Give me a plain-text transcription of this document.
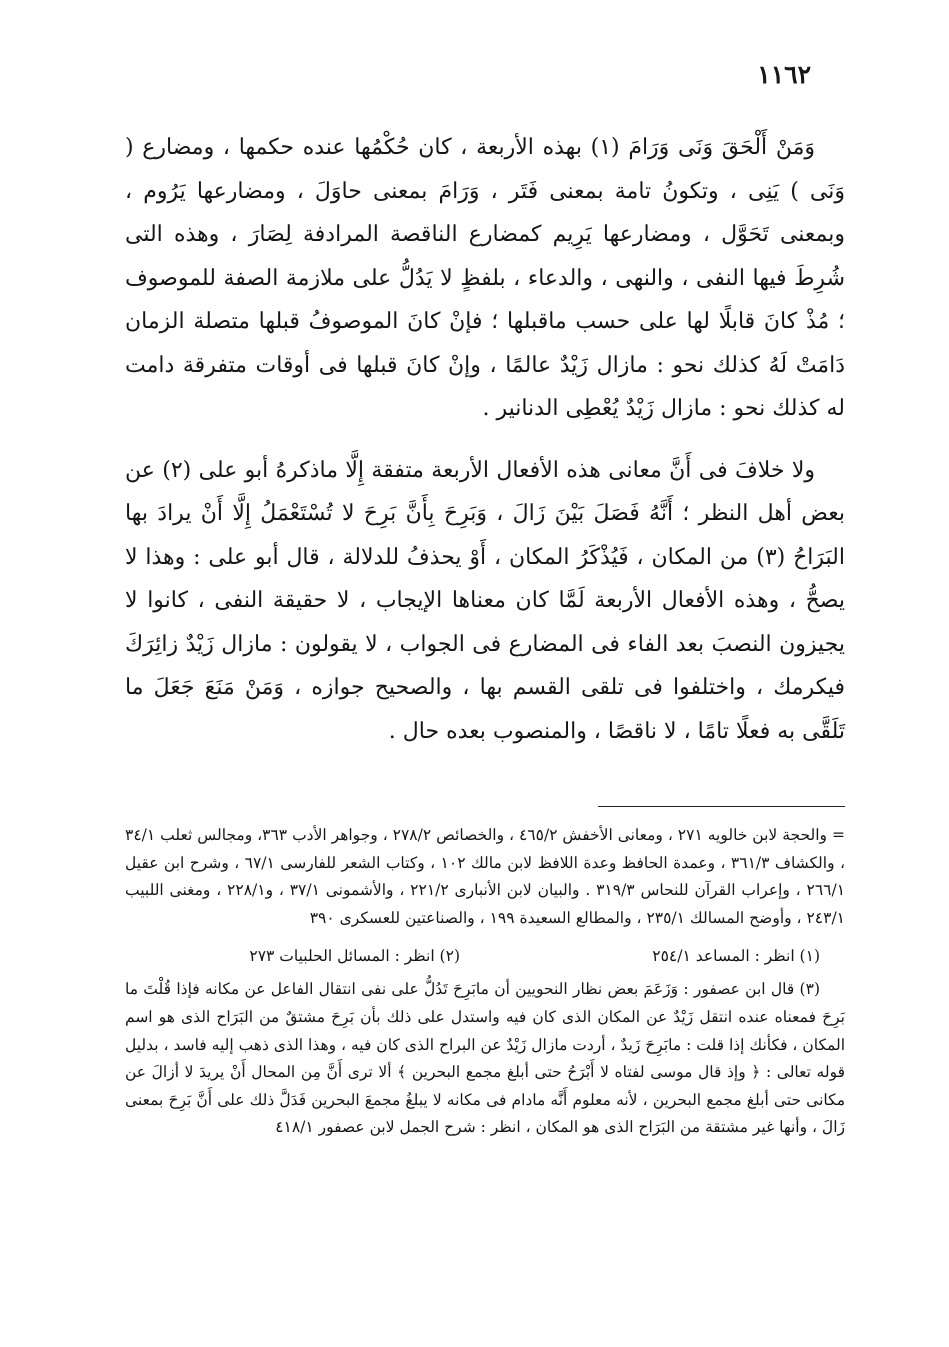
١١٦٢

وَمَنْ أَلْحَقَ وَنَى وَرَامَ (١) بهذه الأربعة ، كان حُكْمُها عنده حكمها ، ومضارع ( وَنَى ) يَنِى ، وتكونُ تامة بمعنى فَتَر ، وَرَامَ بمعنى حاوَلَ ، ومضارعها يَرُوم ، وبمعنى تَحَوَّل ، ومضارعها يَرِيم كمضارع الناقصة المرادفة لِصَارَ ، وهذه التى شُرِطَ فيها النفى ، والنهى ، والدعاء ، بلفظٍ لا يَدُلُّ على ملازمة الصفة للموصوف ؛ مُذْ كانَ قابلًا لها على حسب ماقبلها ؛ فإنْ كانَ الموصوفُ قبلها متصلة الزمان دَامَتْ لَهُ كذلك نحو : مازال زَيْدٌ عالمًا ، وإنْ كانَ قبلها فى أوقات متفرقة دامت له كذلك نحو : مازال زَيْدٌ يُعْطِى الدنانير .

ولا خلافَ فى أَنَّ معانى هذه الأفعال الأربعة متفقة إِلَّا ماذكرهُ أبو على (٢) عن بعض أهل النظر ؛ أَنَّهُ فَصَلَ بَيْنَ زَالَ ، وَبَرِحَ بِأَنَّ بَرِحَ لا تُسْتَعْمَلُ إِلَّا أَنْ يرادَ بها البَرَاحُ (٣) من المكان ، فَيُذْكَرُ المكان ، أَوْ يحذفُ للدلالة ، قال أبو على : وهذا لا يصحُّ ، وهذه الأفعال الأربعة لَمَّا كان معناها الإيجاب ، لا حقيقة النفى ، كانوا لا يجيزون النصبَ بعد الفاء فى المضارع فى الجواب ، لا يقولون : مازال زَيْدٌ زائِرَكَ فيكرمك ، واختلفوا فى تلقى القسم بها ، والصحيح جوازه ، وَمَنْ مَنَعَ جَعَلَ ما تَلَقَّى به فعلًا تامًا ، لا ناقصًا ، والمنصوب بعده حال .

= والحجة لابن خالويه ٢٧١ ، ومعانى الأخفش ٤٦٥/٢ ، والخصائص ٢٧٨/٢ ، وجواهر الأدب ٣٦٣، ومجالس ثعلب ٣٤/١ ، والكشاف ٣٦١/٣ ، وعمدة الحافظ وعدة اللافظ لابن مالك ١٠٢ ، وكتاب الشعر للفارسى ٦٧/١ ، وشرح ابن عقيل ٢٦٦/١ ، وإعراب القرآن للنحاس ٣١٩/٣ . والبيان لابن الأنبارى ٢٢١/٢ ، والأشمونى ٣٧/١ ، و٢٢٨/١ ، ومغنى اللبيب ٢٤٣/١ ، وأوضح المسالك ٢٣٥/١ ، والمطالع السعيدة ١٩٩ ، والصناعتين للعسكرى ٣٩٠

(١) انظر : المساعد ٢٥٤/١
(٢) انظر : المسائل الحلبيات ٢٧٣

(٣) قال ابن عصفور : وَزَعَمَ بعض نظار النحويين أن مابَرِحَ تَدُلُّ على نفى انتقال الفاعل عن مكانه فإذا قُلْتَ ما بَرِحَ فمعناه عنده انتقل زَيْدٌ عن المكان الذى كان فيه واستدل على ذلك بأن بَرِحَ مشتقٌ من البَرَاح الذى هو اسم المكان ، فكأنك إذا قلت : مابَرِحَ زَيدٌ ، أردت مازال زَيْدٌ عن البراح الذى كان فيه ، وهذا الذى ذهب إليه فاسد ، بدليل قوله تعالى : ﴿ وإذ قال موسى لفتاه لا أَبْرَحُ حتى أبلغ مجمع البحرين ﴾ ألا ترى أَنَّ مِن المحال أَنْ يريدَ لا أزالَ عن مكانى حتى أبلغ مجمع البحرين ، لأنه معلوم أَنَّه مادام فى مكانه لا يبلغُ مجمعَ البحرين فَدَلَّ ذلك على أَنَّ بَرِحَ بمعنى زَالَ ، وأنها غير مشتقة من البَرَاح الذى هو المكان ، انظر : شرح الجمل لابن عصفور ٤١٨/١
